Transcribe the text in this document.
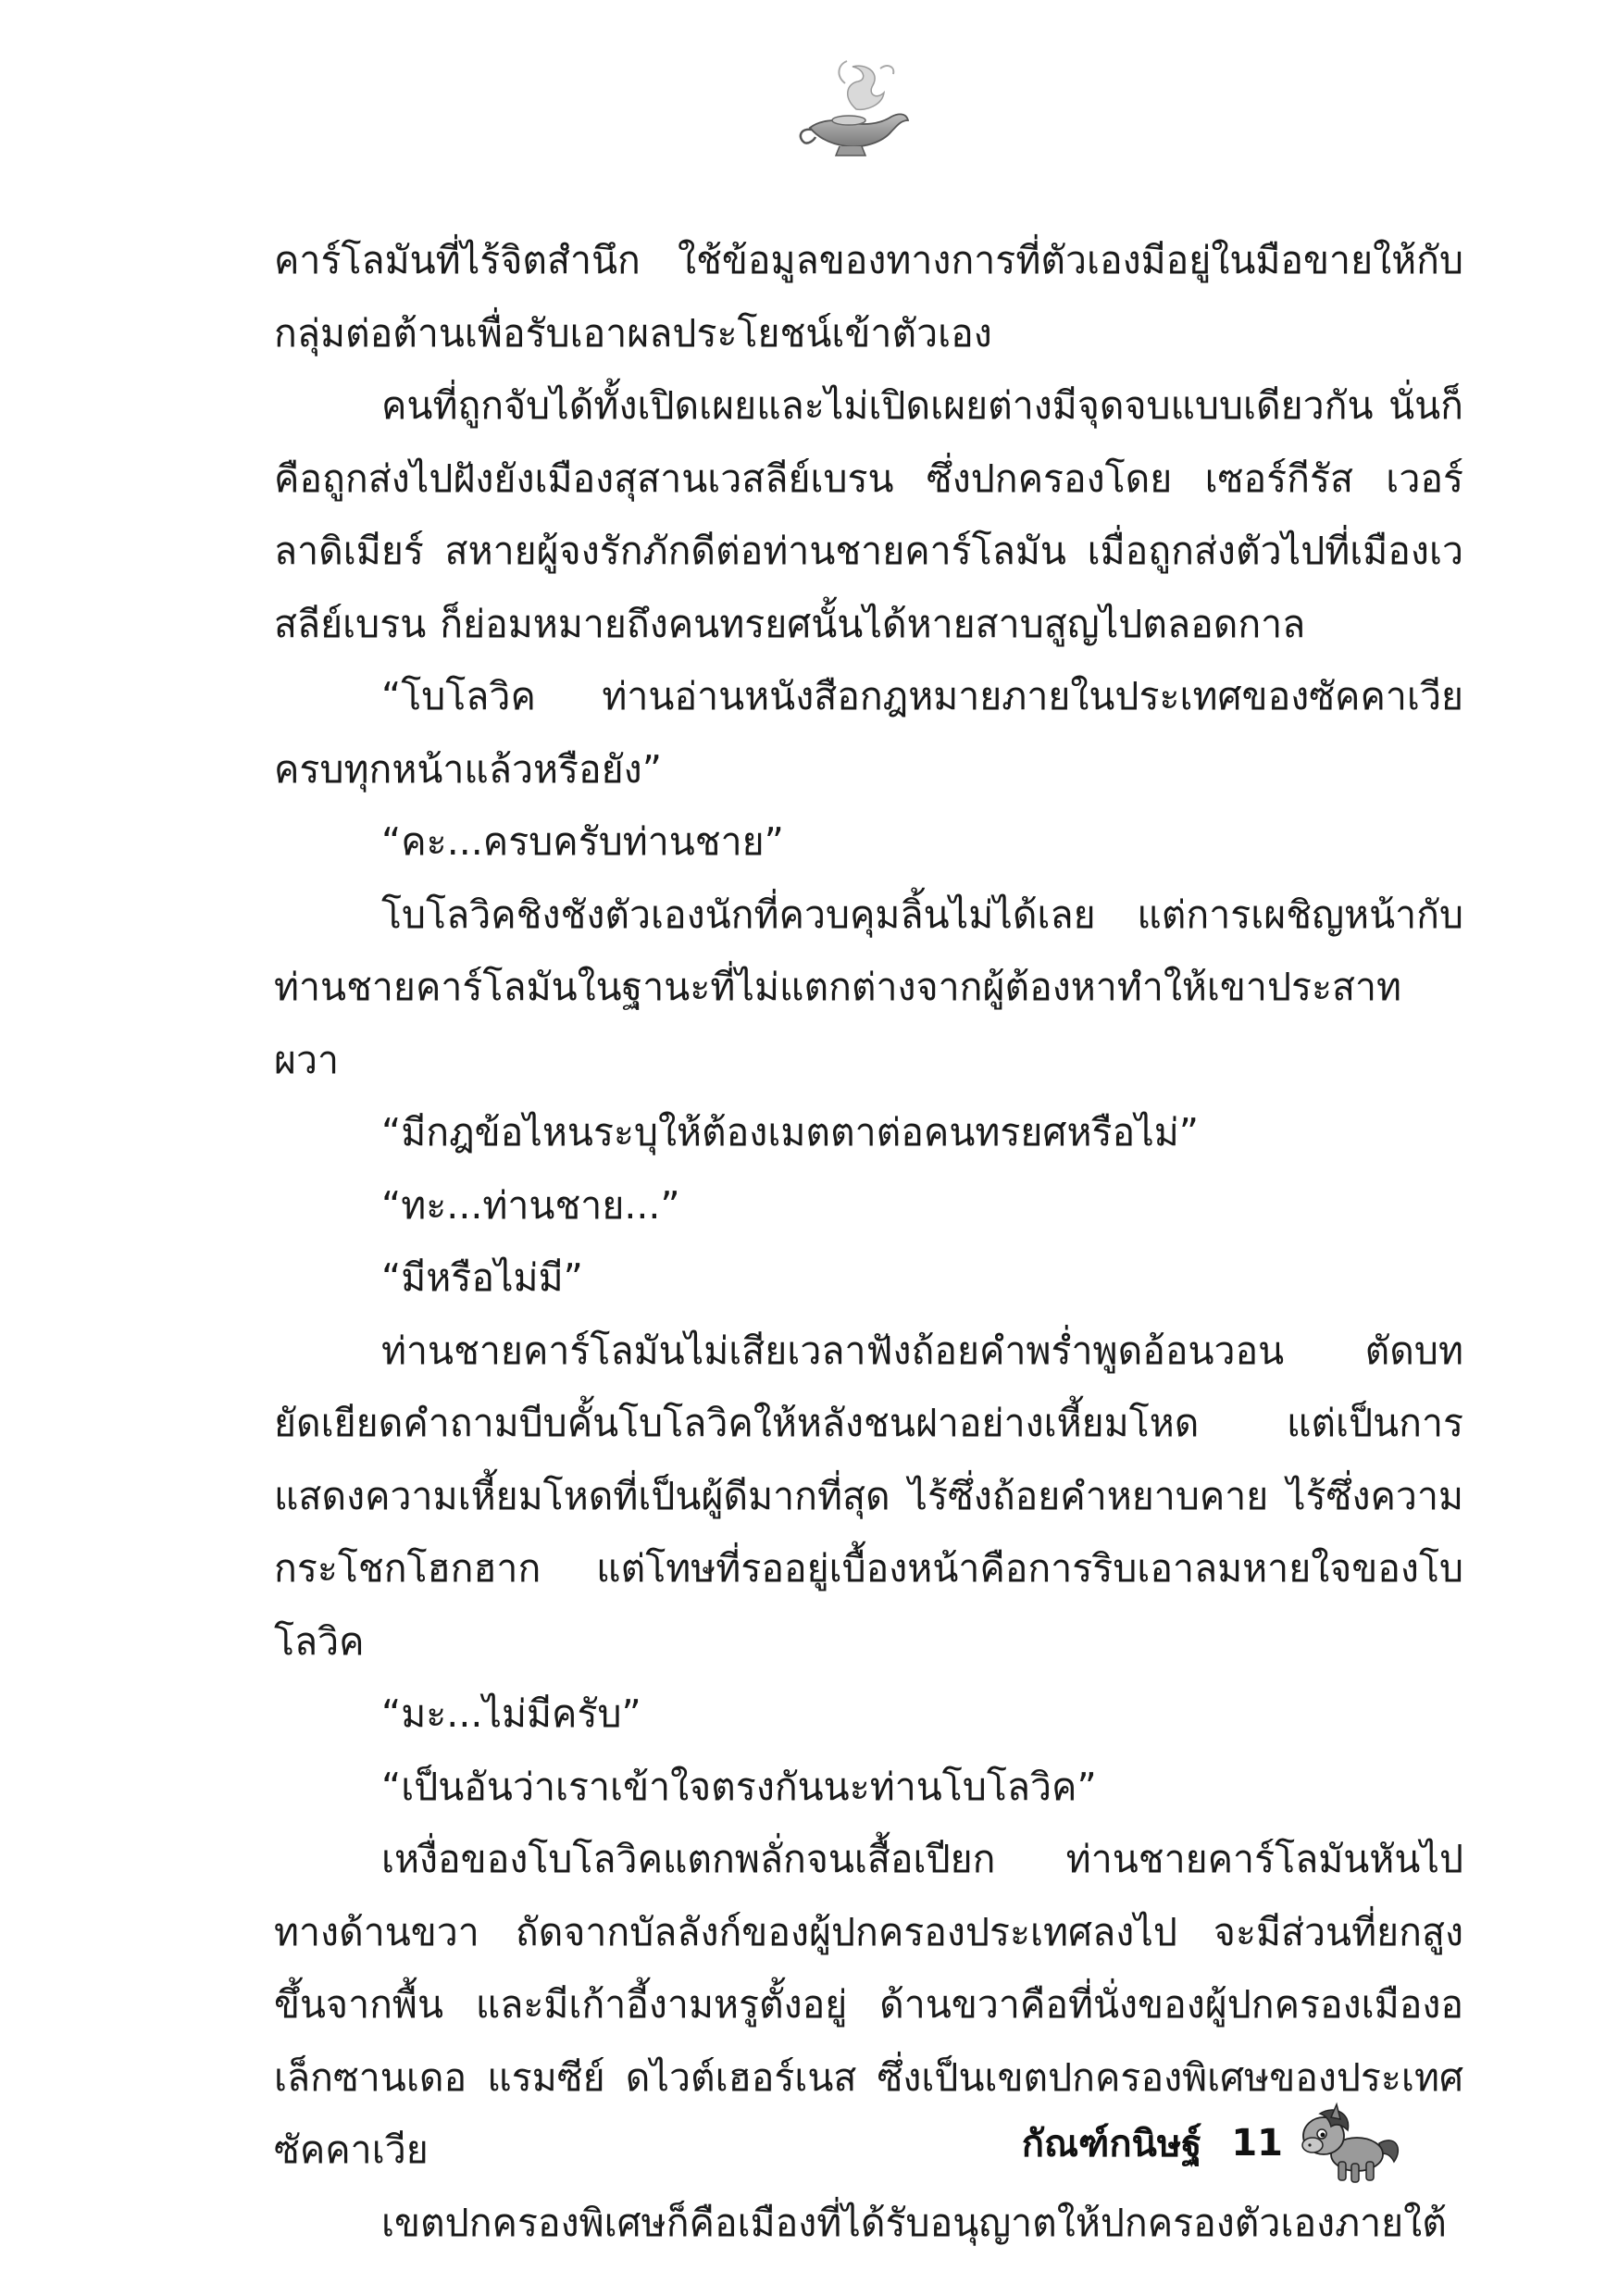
คาร์โลมันที่ไร้จิตสำนึก ใช้ข้อมูลของทางการที่ตัวเองมีอยู่ในมือขายให้กับกลุ่มต่อต้านเพื่อรับเอาผลประโยชน์เข้าตัวเอง

คนที่ถูกจับได้ทั้งเปิดเผยและไม่เปิดเผยต่างมีจุดจบแบบเดียวกัน นั่นก็คือถูกส่งไปฝังยังเมืองสุสานเวสลีย์เบรน ซึ่งปกครองโดย เซอร์กีรัส เวอร์ลาดิเมียร์ สหายผู้จงรักภักดีต่อท่านชายคาร์โลมัน เมื่อถูกส่งตัวไปที่เมืองเวสลีย์เบรน ก็ย่อมหมายถึงคนทรยศนั้นได้หายสาบสูญไปตลอดกาล

“โบโลวิค ท่านอ่านหนังสือกฎหมายภายในประเทศของซัคคาเวียครบทุกหน้าแล้วหรือยัง”

“คะ...ครบครับท่านชาย”

โบโลวิคชิงชังตัวเองนักที่ควบคุมลิ้นไม่ได้เลย แต่การเผชิญหน้ากับท่านชายคาร์โลมันในฐานะที่ไม่แตกต่างจากผู้ต้องหาทำให้เขาประสาทผวา

“มีกฎข้อไหนระบุให้ต้องเมตตาต่อคนทรยศหรือไม่”

“ทะ...ท่านชาย...”

“มีหรือไม่มี”

ท่านชายคาร์โลมันไม่เสียเวลาฟังถ้อยคำพร่ำพูดอ้อนวอน ตัดบทยัดเยียดคำถามบีบคั้นโบโลวิคให้หลังชนฝาอย่างเหี้ยมโหด แต่เป็นการแสดงความเหี้ยมโหดที่เป็นผู้ดีมากที่สุด ไร้ซึ่งถ้อยคำหยาบคาย ไร้ซึ่งความกระโชกโฮกฮาก แต่โทษที่รออยู่เบื้องหน้าคือการริบเอาลมหายใจของโบโลวิค

“มะ...ไม่มีครับ”

“เป็นอันว่าเราเข้าใจตรงกันนะท่านโบโลวิค”

เหงื่อของโบโลวิคแตกพลั่กจนเสื้อเปียก ท่านชายคาร์โลมันหันไปทางด้านขวา ถัดจากบัลลังก์ของผู้ปกครองประเทศลงไป จะมีส่วนที่ยกสูงขึ้นจากพื้น และมีเก้าอี้งามหรูตั้งอยู่ ด้านขวาคือที่นั่งของผู้ปกครองเมืองอเล็กซานเดอ แรมซีย์ ดไวต์เฮอร์เนส ซึ่งเป็นเขตปกครองพิเศษของประเทศซัคคาเวีย

เขตปกครองพิเศษก็คือเมืองที่ได้รับอนุญาตให้ปกครองตัวเองภายใต้

กัณฑ์กนิษฐ์ 11
